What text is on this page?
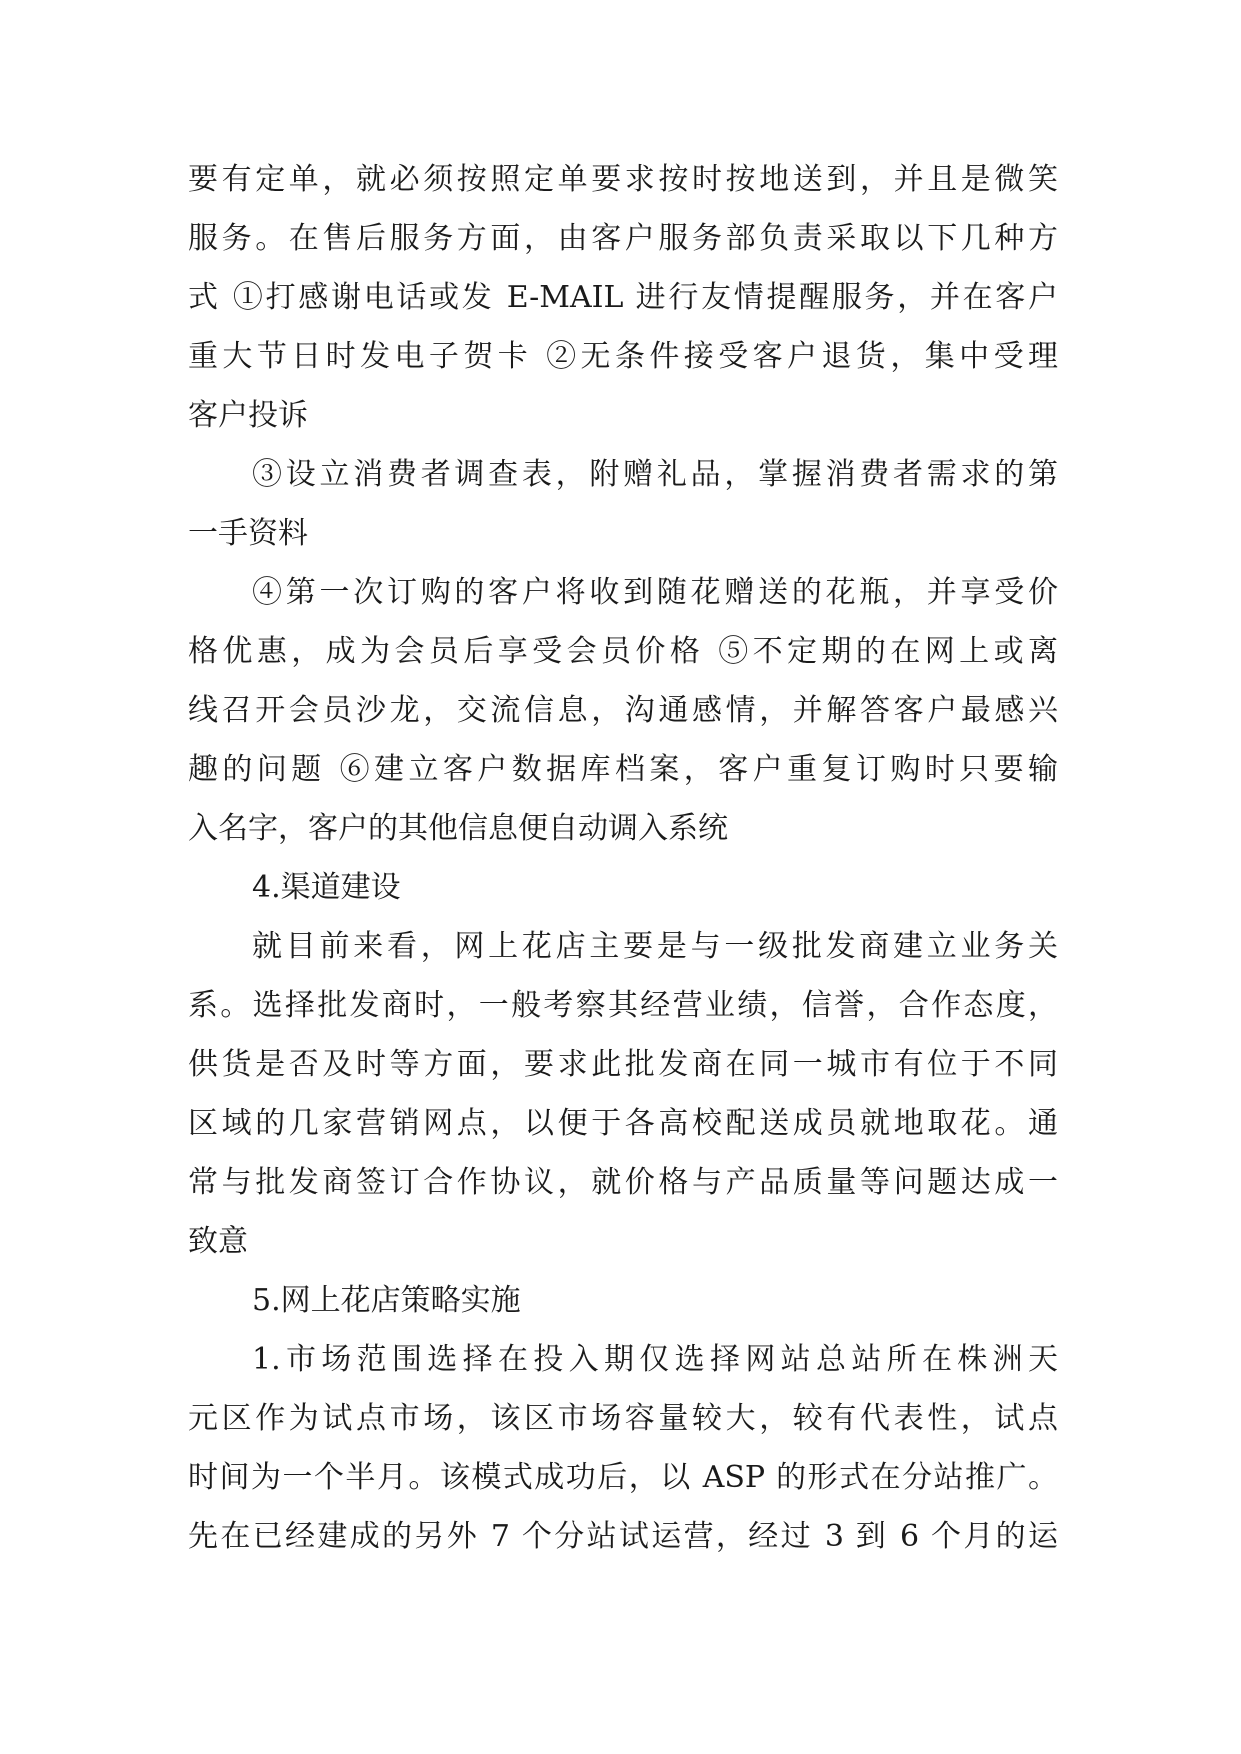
要有定单，就必须按照定单要求按时按地送到，并且是微笑
服务。在售后服务方面，由客户服务部负责采取以下几种方
式 ①打感谢电话或发 E-MAIL 进行友情提醒服务，并在客户
重大节日时发电子贺卡 ②无条件接受客户退货，集中受理
客户投诉
③设立消费者调查表，附赠礼品，掌握消费者需求的第
一手资料
④第一次订购的客户将收到随花赠送的花瓶，并享受价
格优惠，成为会员后享受会员价格 ⑤不定期的在网上或离
线召开会员沙龙，交流信息，沟通感情，并解答客户最感兴
趣的问题 ⑥建立客户数据库档案，客户重复订购时只要输
入名字，客户的其他信息便自动调入系统
4.渠道建设
就目前来看，网上花店主要是与一级批发商建立业务关
系。选择批发商时，一般考察其经营业绩，信誉，合作态度，
供货是否及时等方面，要求此批发商在同一城市有位于不同
区域的几家营销网点，以便于各高校配送成员就地取花。通
常与批发商签订合作协议，就价格与产品质量等问题达成一
致意
5.网上花店策略实施
1.市场范围选择在投入期仅选择网站总站所在株洲天
元区作为试点市场，该区市场容量较大，较有代表性，试点
时间为一个半月。该模式成功后，以 ASP 的形式在分站推广。
先在已经建成的另外 7 个分站试运营，经过 3 到 6 个月的运
